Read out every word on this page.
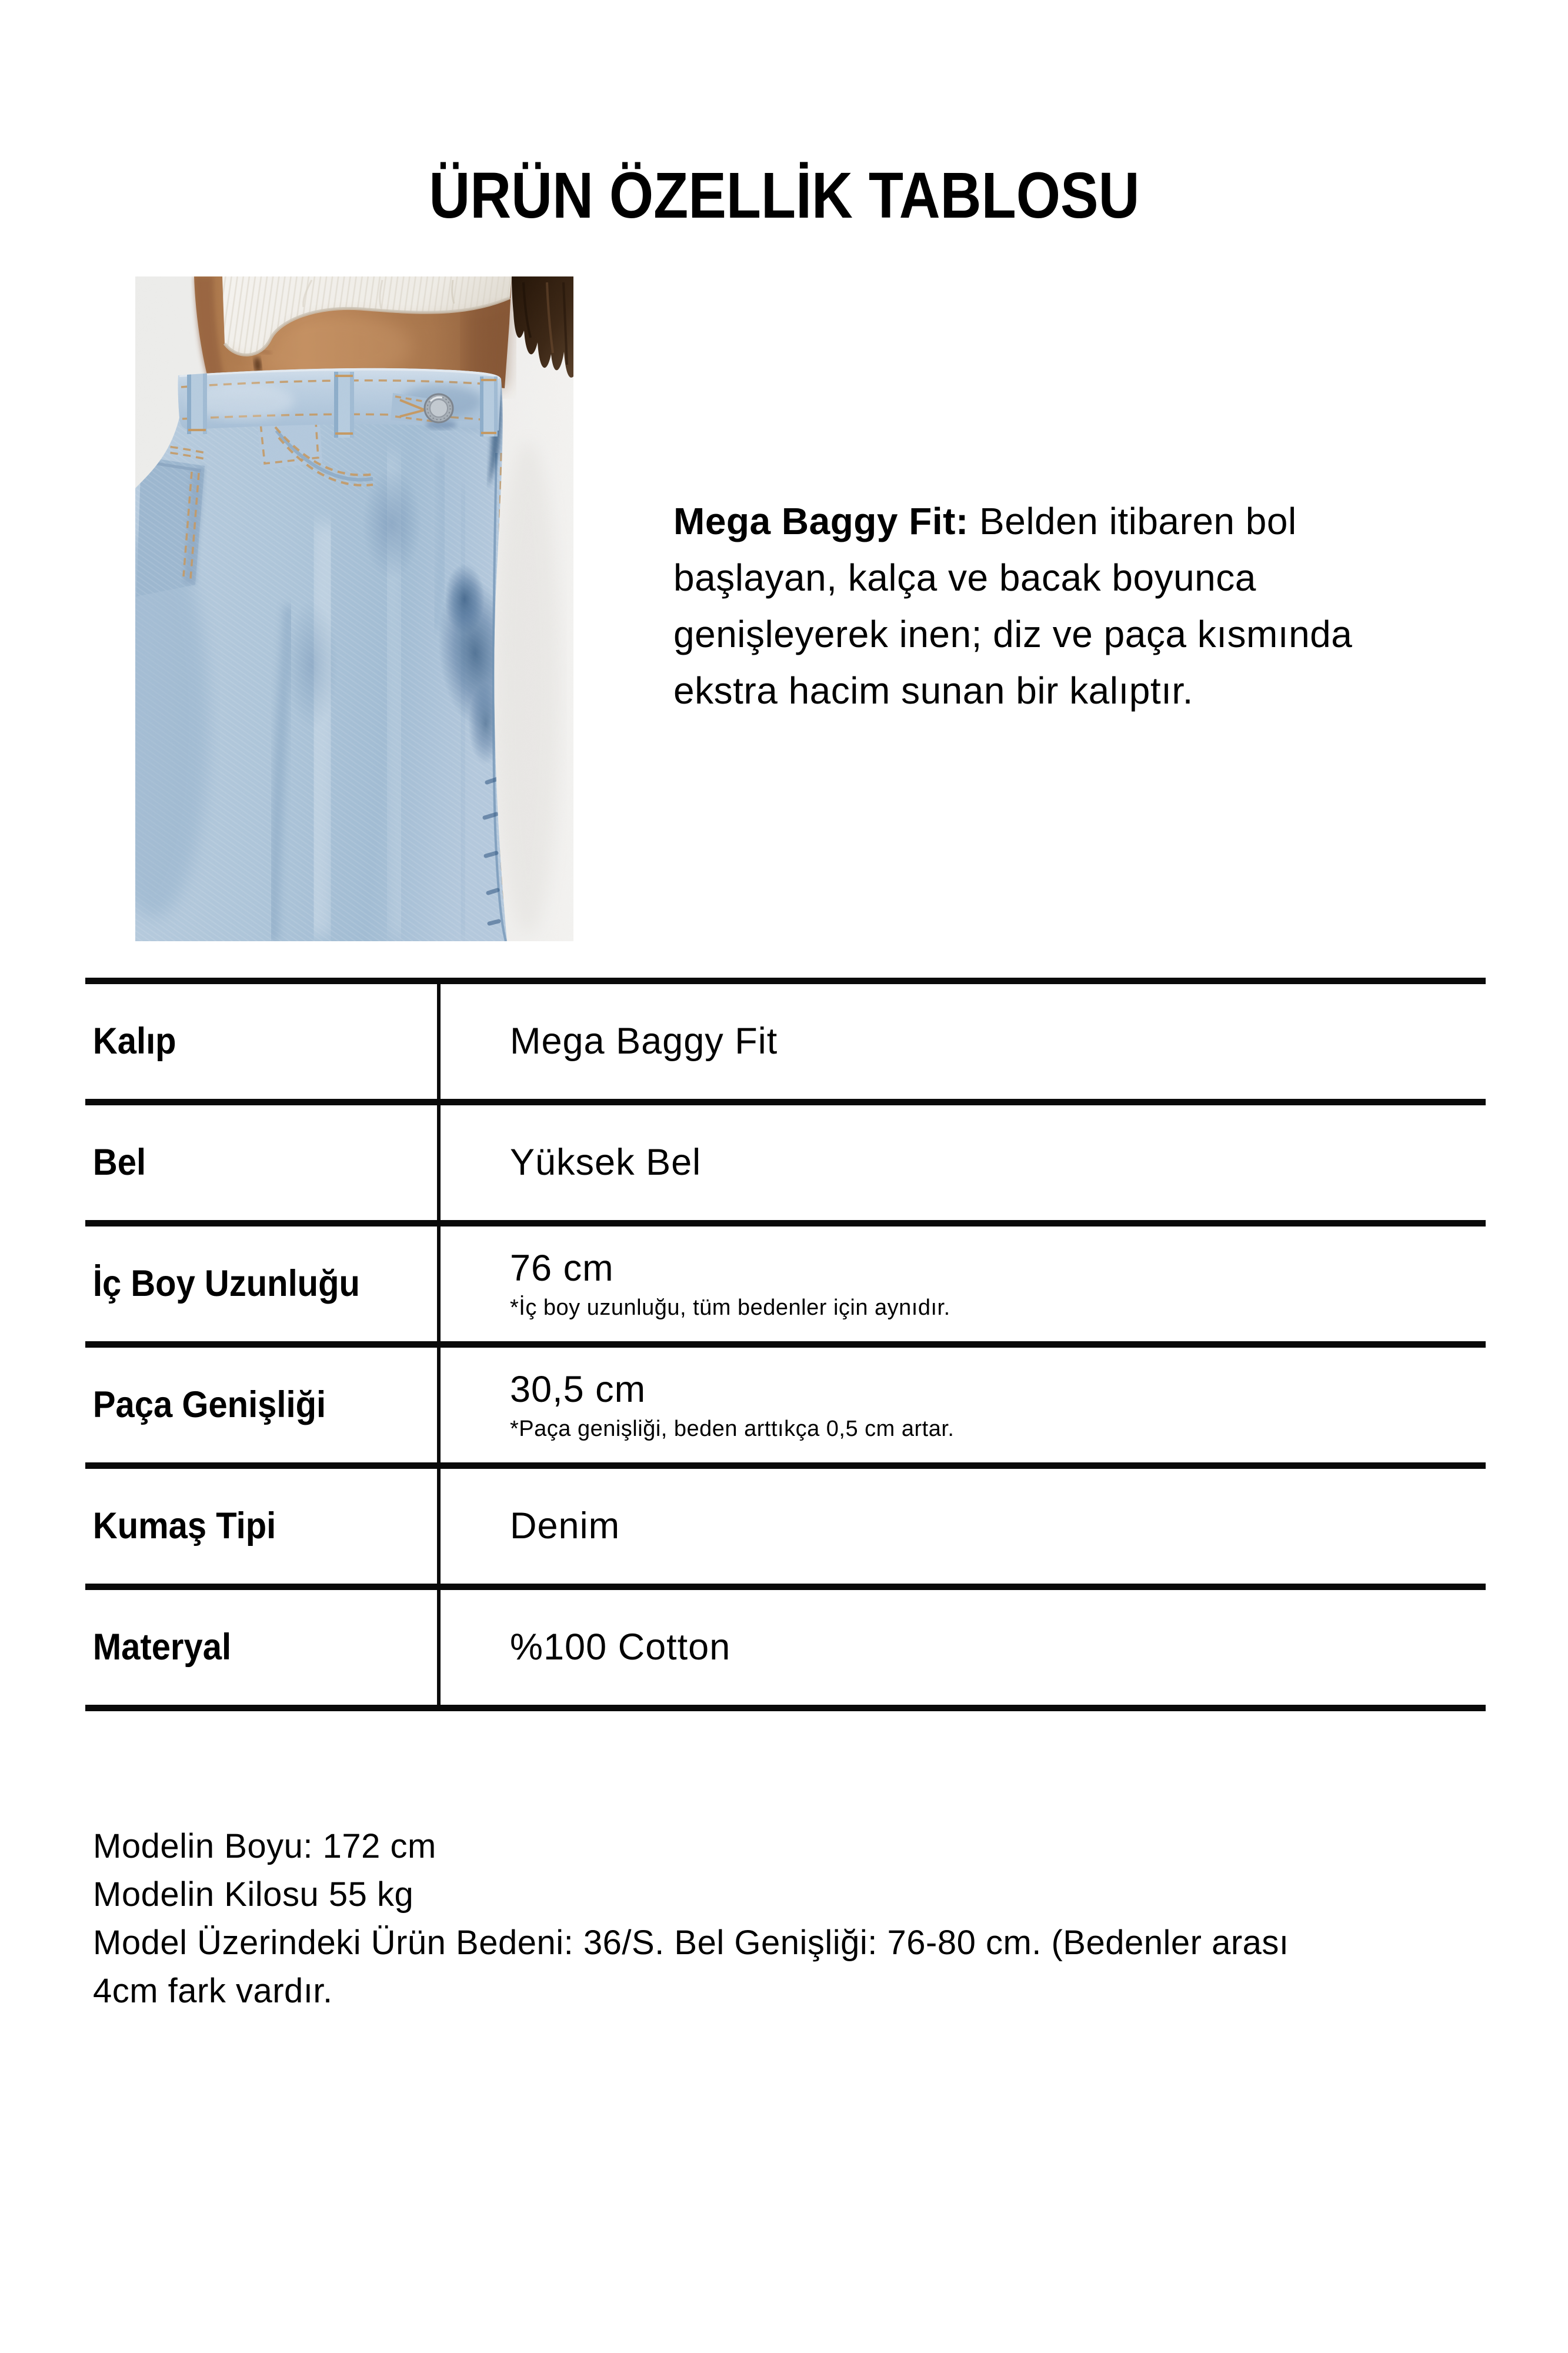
ÜRÜN ÖZELLİK TABLOSU

Mega Baggy Fit: Belden itibaren bol başlayan, kalça ve bacak boyunca genişleyerek inen; diz ve paça kısmında ekstra hacim sunan bir kalıptır.

Kalıp	Mega Baggy Fit
Bel	Yüksek Bel
İç Boy Uzunluğu	76 cm
*İç boy uzunluğu, tüm bedenler için aynıdır.
Paça Genişliği	30,5 cm
*Paça genişliği, beden arttıkça 0,5 cm artar.
Kumaş Tipi	Denim
Materyal	%100 Cotton
Modelin Boyu: 172 cm
Modelin Kilosu 55 kg
Model Üzerindeki Ürün Bedeni: 36/S. Bel Genişliği: 76-80 cm. (Bedenler arası 4cm fark vardır.
